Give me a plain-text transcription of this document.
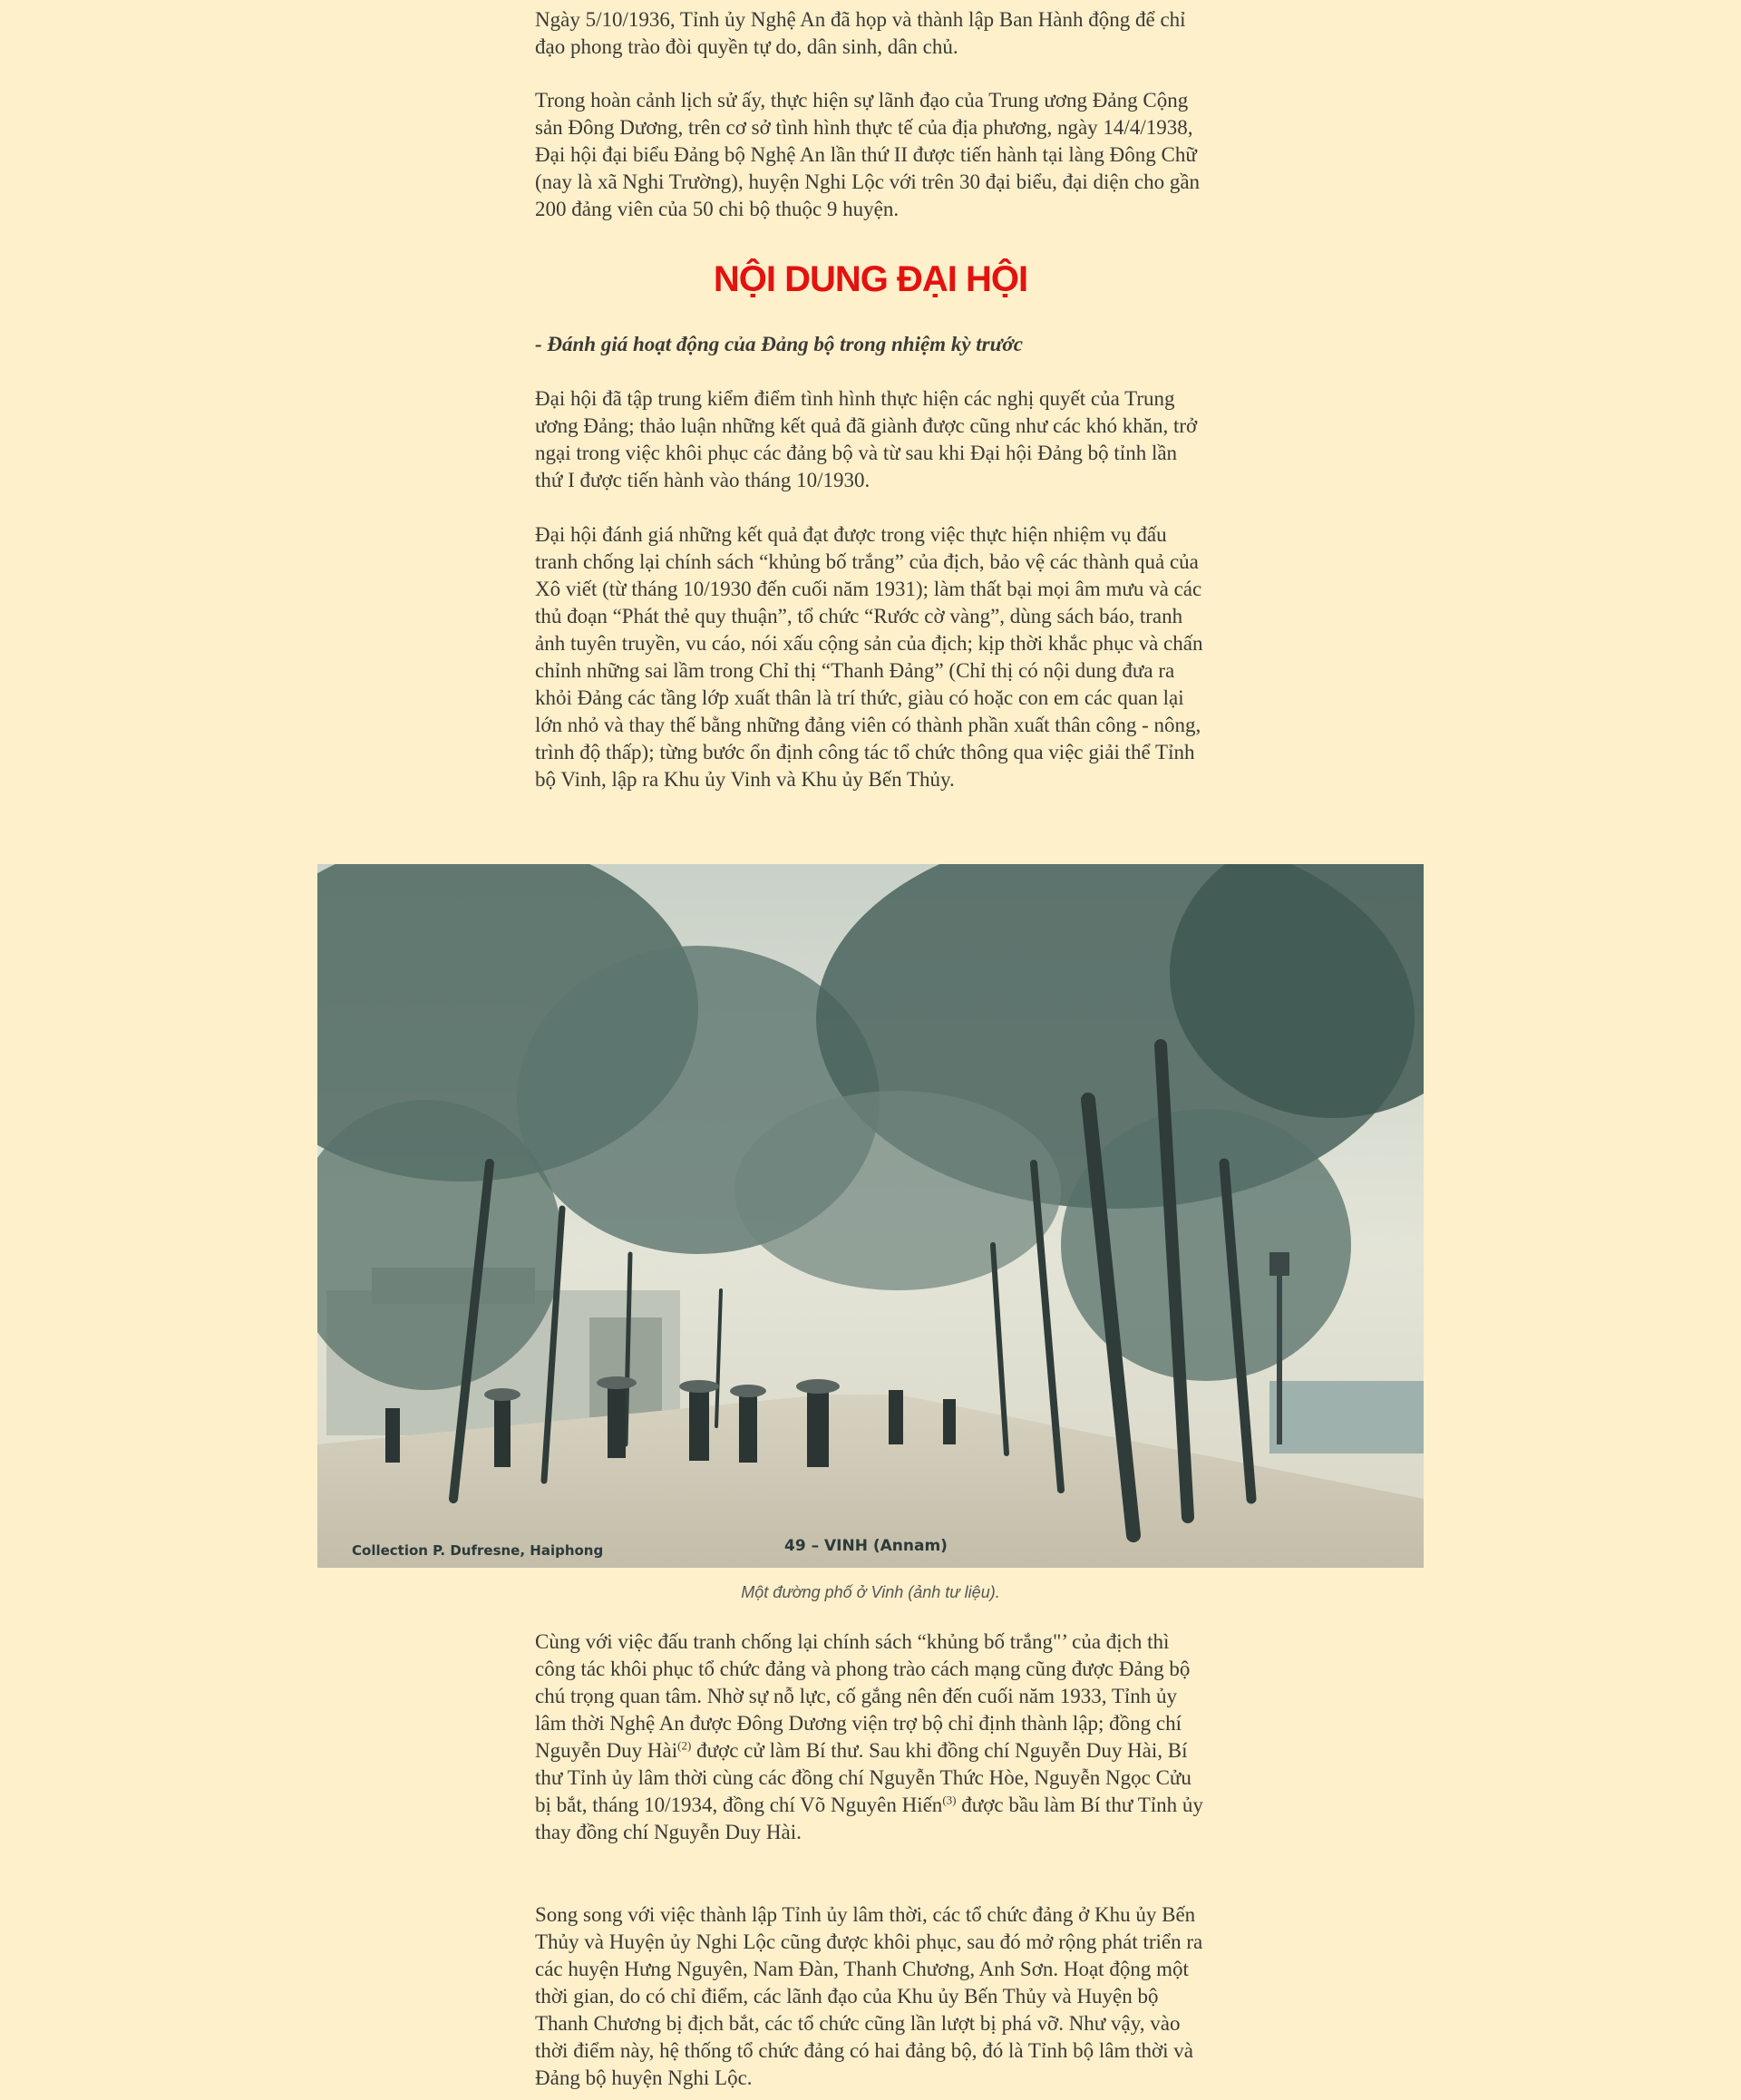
Ngày 5/10/1936, Tỉnh ủy Nghệ An đã họp và thành lập Ban Hành động để chỉ đạo phong trào đòi quyền tự do, dân sinh, dân chủ.

Trong hoàn cảnh lịch sử ấy, thực hiện sự lãnh đạo của Trung ương Đảng Cộng sản Đông Dương, trên cơ sở tình hình thực tế của địa phương, ngày 14/4/1938, Đại hội đại biểu Đảng bộ Nghệ An lần thứ II được tiến hành tại làng Đông Chữ (nay là xã Nghi Trường), huyện Nghi Lộc với trên 30 đại biểu, đại diện cho gần 200 đảng viên của 50 chi bộ thuộc 9 huyện.

NỘI DUNG ĐẠI HỘI

- Đánh giá hoạt động của Đảng bộ trong nhiệm kỳ trước

Đại hội đã tập trung kiểm điểm tình hình thực hiện các nghị quyết của Trung ương Đảng; thảo luận những kết quả đã giành được cũng như các khó khăn, trở ngại trong việc khôi phục các đảng bộ và từ sau khi Đại hội Đảng bộ tỉnh lần thứ I được tiến hành vào tháng 10/1930.

Đại hội đánh giá những kết quả đạt được trong việc thực hiện nhiệm vụ đấu tranh chống lại chính sách “khủng bố trắng” của địch, bảo vệ các thành quả của Xô viết (từ tháng 10/1930 đến cuối năm 1931); làm thất bại mọi âm mưu và các thủ đoạn “Phát thẻ quy thuận”, tổ chức “Rước cờ vàng”, dùng sách báo, tranh ảnh tuyên truyền, vu cáo, nói xấu cộng sản của địch; kịp thời khắc phục và chấn chỉnh những sai lầm trong Chỉ thị “Thanh Đảng” (Chỉ thị có nội dung đưa ra khỏi Đảng các tầng lớp xuất thân là trí thức, giàu có hoặc con em các quan lại lớn nhỏ và thay thế bằng những đảng viên có thành phần xuất thân công - nông, trình độ thấp); từng bước ổn định công tác tổ chức thông qua việc giải thể Tỉnh bộ Vinh, lập ra Khu ủy Vinh và Khu ủy Bến Thủy.

Collection P. Dufresne, Haiphong	49 – VINH (Annam)

Một đường phố ở Vinh (ảnh tư liệu).

Cùng với việc đấu tranh chống lại chính sách “khủng bố trắng"’ của địch thì công tác khôi phục tổ chức đảng và phong trào cách mạng cũng được Đảng bộ chú trọng quan tâm. Nhờ sự nỗ lực, cố gắng nên đến cuối năm 1933, Tỉnh ủy lâm thời Nghệ An được Đông Dương viện trợ bộ chỉ định thành lập; đồng chí Nguyễn Duy Hài$^{(2)}$ được cử làm Bí thư. Sau khi đồng chí Nguyễn Duy Hài, Bí thư Tỉnh ủy lâm thời cùng các đồng chí Nguyễn Thức Hòe, Nguyễn Ngọc Cửu bị bắt, tháng 10/1934, đồng chí Võ Nguyên Hiến$^{(3)}$ được bầu làm Bí thư Tỉnh ủy thay đồng chí Nguyễn Duy Hài.

Song song với việc thành lập Tỉnh ủy lâm thời, các tổ chức đảng ở Khu ủy Bến Thủy và Huyện ủy Nghi Lộc cũng được khôi phục, sau đó mở rộng phát triển ra các huyện Hưng Nguyên, Nam Đàn, Thanh Chương, Anh Sơn. Hoạt động một thời gian, do có chỉ điểm, các lãnh đạo của Khu ủy Bến Thủy và Huyện bộ Thanh Chương bị địch bắt, các tổ chức cũng lần lượt bị phá vỡ. Như vậy, vào thời điểm này, hệ thống tổ chức đảng có hai đảng bộ, đó là Tỉnh bộ lâm thời và Đảng bộ huyện Nghi Lộc.
